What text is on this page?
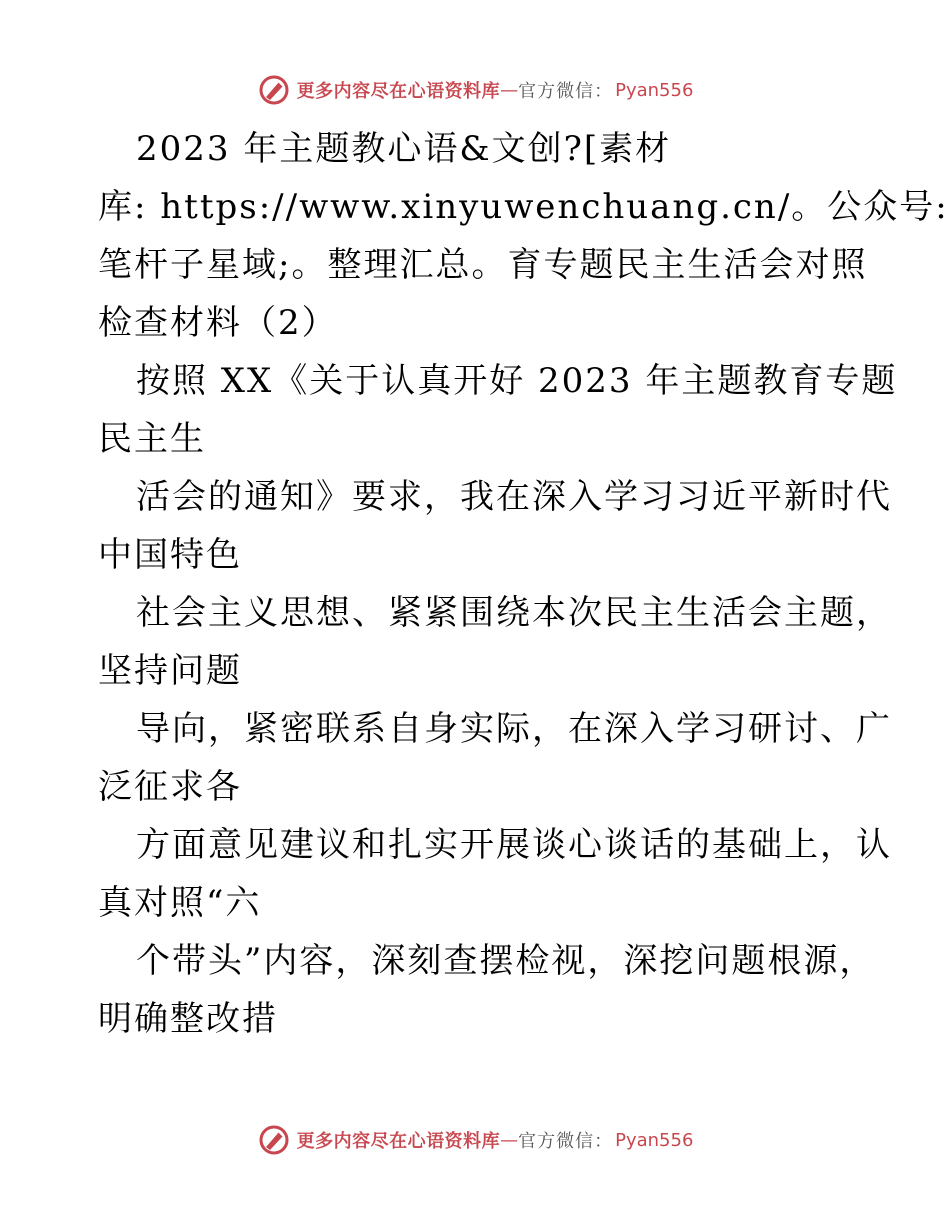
更多内容尽在心语资料库 — 官方微信： Pyan556
2023 年主题教心语&文创?[素材
库: https://www.xinyuwenchuang.cn/。公众号:
笔杆子星域;。整理汇总。育专题民主生活会对照
检查材料（2）
按照 XX《关于认真开好 2023 年主题教育专题
民主生
活会的通知》要求，我在深入学习习近平新时代
中国特色
社会主义思想、紧紧围绕本次民主生活会主题，
坚持问题
导向，紧密联系自身实际，在深入学习研讨、广
泛征求各
方面意见建议和扎实开展谈心谈话的基础上，认
真对照“六
个带头”内容，深刻查摆检视，深挖问题根源，
明确整改措
更多内容尽在心语资料库 — 官方微信： Pyan556
